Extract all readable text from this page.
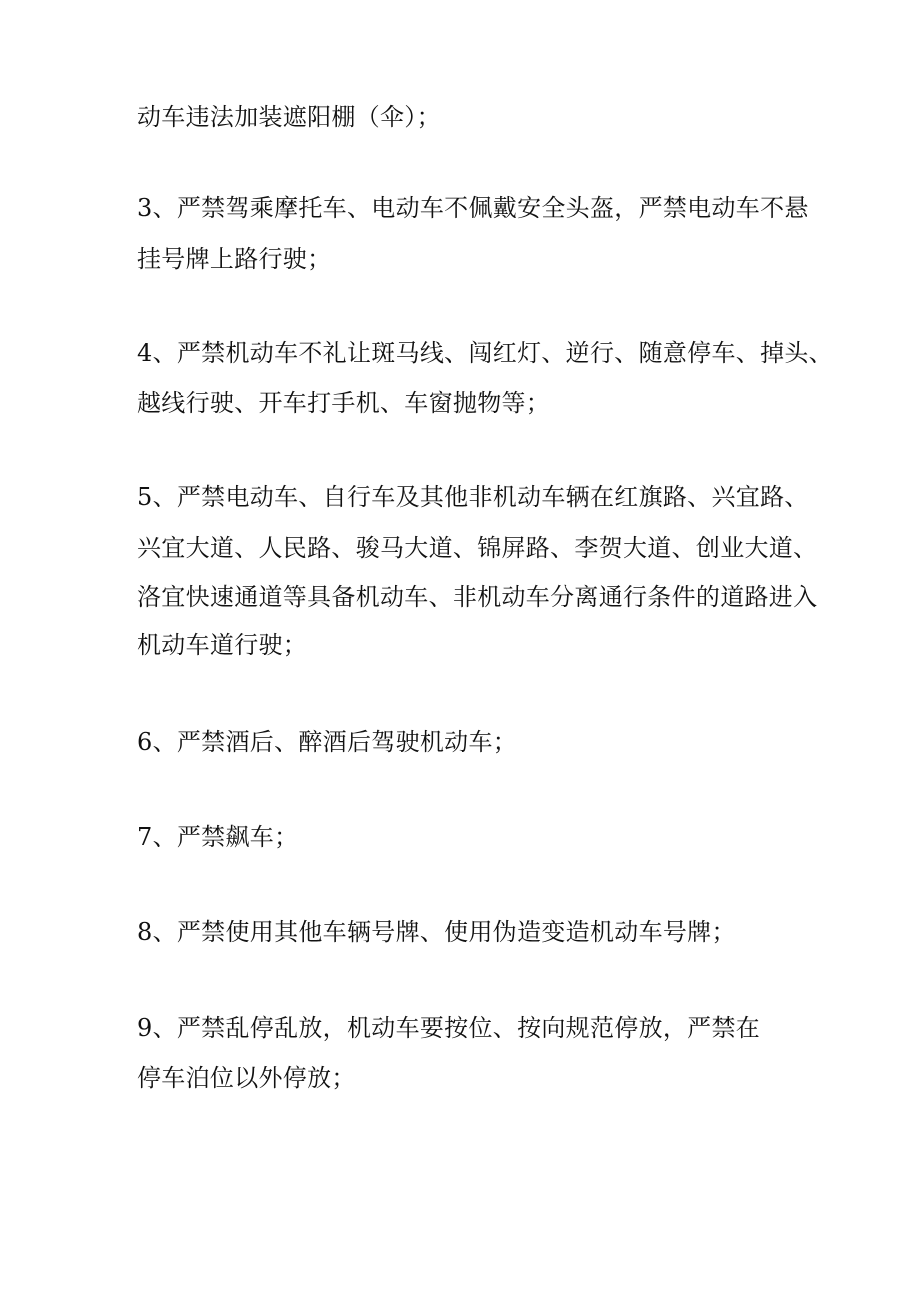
动车违法加装遮阳棚（伞）；
3、严禁驾乘摩托车、电动车不佩戴安全头盔，严禁电动车不悬
挂号牌上路行驶；
4、严禁机动车不礼让斑马线、闯红灯、逆行、随意停车、掉头、
越线行驶、开车打手机、车窗抛物等；
5、严禁电动车、自行车及其他非机动车辆在红旗路、兴宜路、
兴宜大道、人民路、骏马大道、锦屏路、李贺大道、创业大道、
洛宜快速通道等具备机动车、非机动车分离通行条件的道路进入
机动车道行驶；
6、严禁酒后、醉酒后驾驶机动车；
7、严禁飙车；
8、严禁使用其他车辆号牌、使用伪造变造机动车号牌；
9、严禁乱停乱放，机动车要按位、按向规范停放，严禁在
停车泊位以外停放；
